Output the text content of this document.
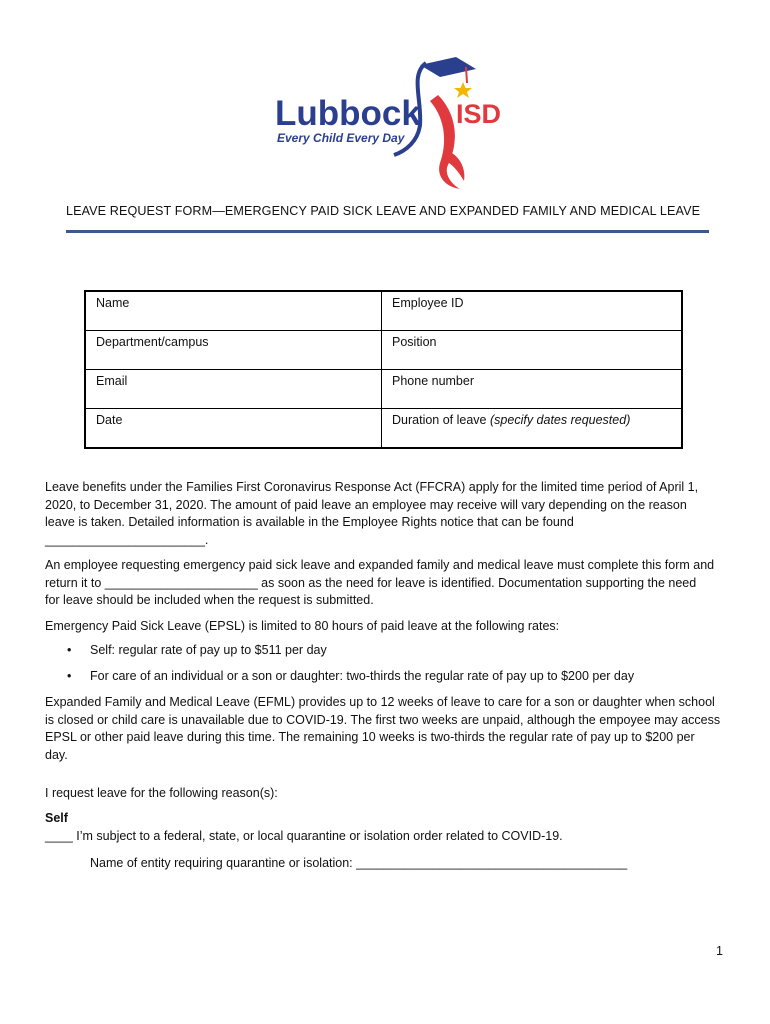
Lubbock ISD
Every Child Every Day
LEAVE REQUEST FORM—EMERGENCY PAID SICK LEAVE AND EXPANDED FAMILY AND MEDICAL LEAVE
Name	Employee ID
Department/campus	Position
Email	Phone number
Date	Duration of leave (specify dates requested)
Leave benefits under the Families First Coronavirus Response Act (FFCRA) apply for the limited time period of April 1,
2020, to December 31, 2020. The amount of paid leave an employee may receive will vary depending on the reason
leave is taken. Detailed information is available in the Employee Rights notice that can be found
_______________________.
An employee requesting emergency paid sick leave and expanded family and medical leave must complete this form and
return it to ______________________ as soon as the need for leave is identified. Documentation supporting the need
for leave should be included when the request is submitted.
Emergency Paid Sick Leave (EPSL) is limited to 80 hours of paid leave at the following rates:
• Self: regular rate of pay up to $511 per day
• For care of an individual or a son or daughter: two-thirds the regular rate of pay up to $200 per day
Expanded Family and Medical Leave (EFML) provides up to 12 weeks of leave to care for a son or daughter when school
is closed or child care is unavailable due to COVID-19. The first two weeks are unpaid, although the empoyee may access
EPSL or other paid leave during this time. The remaining 10 weeks is two-thirds the regular rate of pay up to $200 per
day.
I request leave for the following reason(s):
Self
____ I’m subject to a federal, state, or local quarantine or isolation order related to COVID-19.
Name of entity requiring quarantine or isolation: _______________________________________
1
